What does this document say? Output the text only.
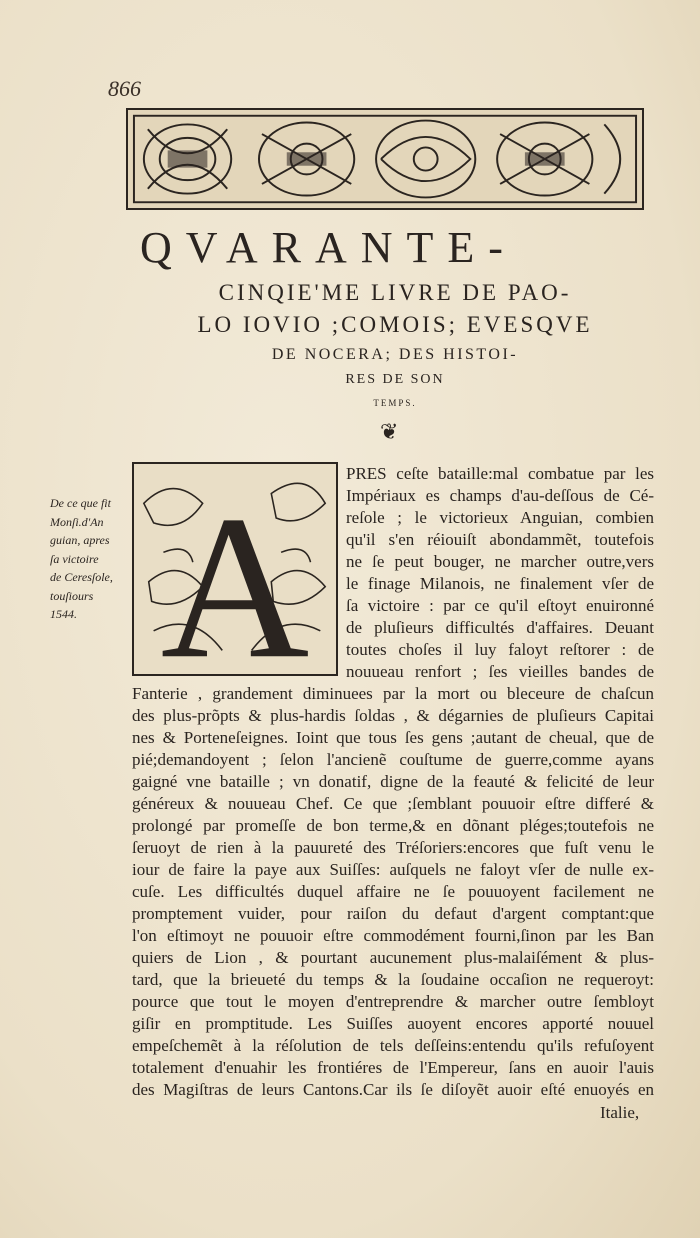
866
QVARANTE-
CINQIE'ME LIVRE DE PAO-
LO IOVIO ;COMOIS; EVESQVE
DE NOCERA; DES HISTOI-
RES DE SON
TEMPS.
❦
A
De ce que fit
Monſi.d'An
guian, apres
ſa victoire
de Ceresſole,
touſiours
1544.
PRES ceſte bataille:mal combatue par les
Impériaux es champs d'au-deſſous de Cé-
reſole ; le victorieux Anguian, combien
qu'il s'en réiouiſt abondammẽt, toutefois
ne ſe peut bouger, ne marcher outre,vers
le finage Milanois, ne finalement vſer de
ſa victoire : par ce qu'il eſtoyt enuironné
de pluſieurs difficultés d'affaires. Deuant
toutes choſes il luy faloyt reſtorer : de
nouueau renfort ; ſes vieilles bandes de
Fanterie , grandement diminuees par la mort ou bleceure de chaſcun
des plus-prõpts & plus-hardis ſoldas , & dégarnies de pluſieurs Capitai
nes & Porteneſeignes. Ioint que tous ſes gens ;autant de cheual, que de
pié;demandoyent ; ſelon l'ancienẽ couſtume de guerre,comme ayans
gaigné vne bataille ; vn donatif, digne de la feauté & felicité de leur
généreux & nouueau Chef. Ce que ;ſemblant pouuoir eſtre differé &
prolongé par promeſſe de bon terme,& en dõnant pléges;toutefois ne
ſeruoyt de rien à la pauureté des Tréſoriers:encores que fuſt venu le
iour de faire la paye aux Suiſſes: auſquels ne faloyt vſer de nulle ex-
cuſe. Les difficultés duquel affaire ne ſe pouuoyent facilement ne
promptement vuider, pour raiſon du defaut d'argent comptant:que
l'on eſtimoyt ne pouuoir eſtre commodément fourni,ſinon par les Ban
quiers de Lion , & pourtant aucunement plus-malaiſément & plus-
tard, que la brieueté du temps & la ſoudaine occaſion ne requeroyt:
pource que tout le moyen d'entreprendre & marcher outre ſembloyt
giſir en promptitude. Les Suiſſes auoyent encores apporté nouuel
empeſchemẽt à la réſolution de tels deſſeins:entendu qu'ils refuſoyent
totalement d'enuahir les frontiéres de l'Empereur, ſans en auoir l'auis
des Magiſtras de leurs Cantons.Car ils ſe diſoyẽt auoir eſté enuoyés en
Italie,
